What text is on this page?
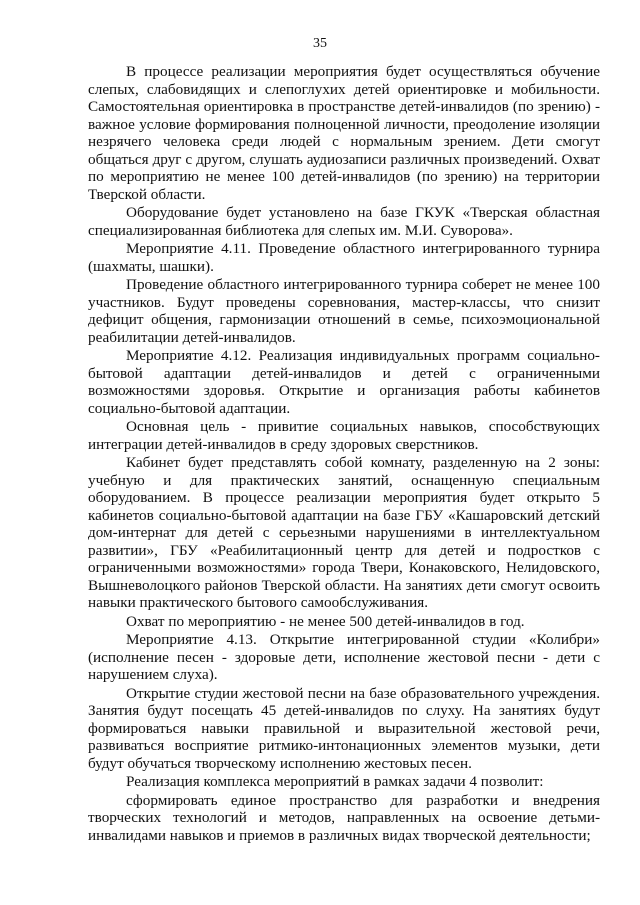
35

В процессе реализации мероприятия будет осуществляться обучение слепых, слабовидящих и слепоглухих детей ориентировке и мобильности. Самостоятельная ориентировка в пространстве детей-инвалидов (по зрению) - важное условие формирования полноценной личности, преодоление изоляции незрячего человека среди людей с нормальным зрением. Дети смогут общаться друг с другом, слушать аудиозаписи различных произведений. Охват по мероприятию не менее 100 детей-инвалидов (по зрению) на территории Тверской области.

Оборудование будет установлено на базе ГКУК «Тверская областная специализированная библиотека для слепых им. М.И. Суворова».

Мероприятие 4.11. Проведение областного интегрированного турнира (шахматы, шашки).

Проведение областного интегрированного турнира соберет не менее 100 участников. Будут проведены соревнования, мастер-классы, что снизит дефицит общения, гармонизации отношений в семье, психоэмоциональной реабилитации детей-инвалидов.

Мероприятие 4.12. Реализация индивидуальных программ социально-бытовой адаптации детей-инвалидов и детей с ограниченными возможностями здоровья. Открытие и организация работы кабинетов социально-бытовой адаптации.

Основная цель - привитие социальных навыков, способствующих интеграции детей-инвалидов в среду здоровых сверстников.

Кабинет будет представлять собой комнату, разделенную на 2 зоны: учебную и для практических занятий, оснащенную специальным оборудованием. В процессе реализации мероприятия будет открыто 5 кабинетов социально-бытовой адаптации на базе ГБУ «Кашаровский детский дом-интернат для детей с серьезными нарушениями в интеллектуальном развитии», ГБУ «Реабилитационный центр для детей и подростков с ограниченными возможностями» города Твери, Конаковского, Нелидовского, Вышневолоцкого районов Тверской области. На занятиях дети смогут освоить навыки практического бытового самообслуживания.

Охват по мероприятию - не менее 500 детей-инвалидов в год.

Мероприятие 4.13. Открытие интегрированной студии «Колибри» (исполнение песен - здоровые дети, исполнение жестовой песни - дети с нарушением слуха).

Открытие студии жестовой песни на базе образовательного учреждения. Занятия будут посещать 45 детей-инвалидов по слуху. На занятиях будут формироваться навыки правильной и выразительной жестовой речи, развиваться восприятие ритмико-интонационных элементов музыки, дети будут обучаться творческому исполнению жестовых песен.

Реализация комплекса мероприятий в рамках задачи 4 позволит:

сформировать единое пространство для разработки и внедрения творческих технологий и методов, направленных на освоение детьми-инвалидами навыков и приемов в различных видах творческой деятельности;
